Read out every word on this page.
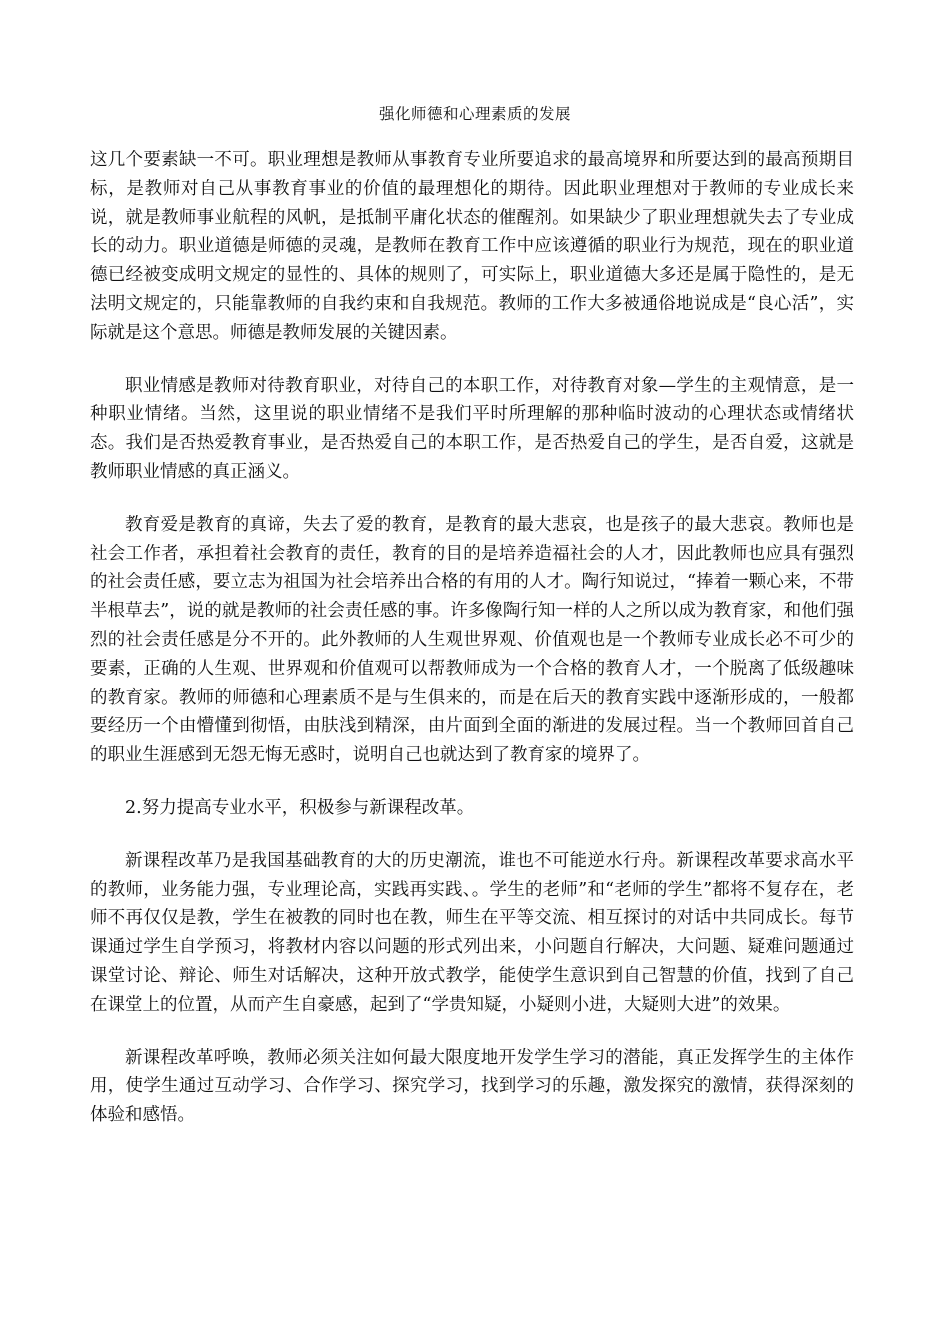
强化师德和心理素质的发展

这几个要素缺一不可。职业理想是教师从事教育专业所要追求的最高境界和所要达到的最高预期目标，是教师对自己从事教育事业的价值的最理想化的期待。因此职业理想对于教师的专业成长来说，就是教师事业航程的风帆，是抵制平庸化状态的催醒剂。如果缺少了职业理想就失去了专业成长的动力。职业道德是师德的灵魂，是教师在教育工作中应该遵循的职业行为规范，现在的职业道德已经被变成明文规定的显性的、具体的规则了，可实际上，职业道德大多还是属于隐性的，是无法明文规定的，只能靠教师的自我约束和自我规范。教师的工作大多被通俗地说成是“良心活”，实际就是这个意思。师德是教师发展的关键因素。

职业情感是教师对待教育职业，对待自己的本职工作，对待教育对象—学生的主观情意，是一种职业情绪。当然，这里说的职业情绪不是我们平时所理解的那种临时波动的心理状态或情绪状态。我们是否热爱教育事业，是否热爱自己的本职工作，是否热爱自己的学生，是否自爱，这就是教师职业情感的真正涵义。

教育爱是教育的真谛，失去了爱的教育，是教育的最大悲哀，也是孩子的最大悲哀。教师也是社会工作者，承担着社会教育的责任，教育的目的是培养造福社会的人才，因此教师也应具有强烈的社会责任感，要立志为祖国为社会培养出合格的有用的人才。陶行知说过，“捧着一颗心来，不带半根草去”，说的就是教师的社会责任感的事。许多像陶行知一样的人之所以成为教育家，和他们强烈的社会责任感是分不开的。此外教师的人生观世界观、价值观也是一个教师专业成长必不可少的要素，正确的人生观、世界观和价值观可以帮教师成为一个合格的教育人才，一个脱离了低级趣味的教育家。教师的师德和心理素质不是与生俱来的，而是在后天的教育实践中逐渐形成的，一般都要经历一个由懵懂到彻悟，由肤浅到精深，由片面到全面的渐进的发展过程。当一个教师回首自己的职业生涯感到无怨无悔无惑时，说明自己也就达到了教育家的境界了。

2.努力提高专业水平，积极参与新课程改革。

新课程改革乃是我国基础教育的大的历史潮流，谁也不可能逆水行舟。新课程改革要求高水平的教师，业务能力强，专业理论高，实践再实践、。学生的老师”和“老师的学生”都将不复存在，老师不再仅仅是教，学生在被教的同时也在教，师生在平等交流、相互探讨的对话中共同成长。每节课通过学生自学预习，将教材内容以问题的形式列出来，小问题自行解决，大问题、疑难问题通过课堂讨论、辩论、师生对话解决，这种开放式教学，能使学生意识到自己智慧的价值，找到了自己在课堂上的位置，从而产生自豪感，起到了“学贵知疑，小疑则小进，大疑则大进”的效果。

新课程改革呼唤，教师必须关注如何最大限度地开发学生学习的潜能，真正发挥学生的主体作用，使学生通过互动学习、合作学习、探究学习，找到学习的乐趣，激发探究的激情，获得深刻的体验和感悟。
